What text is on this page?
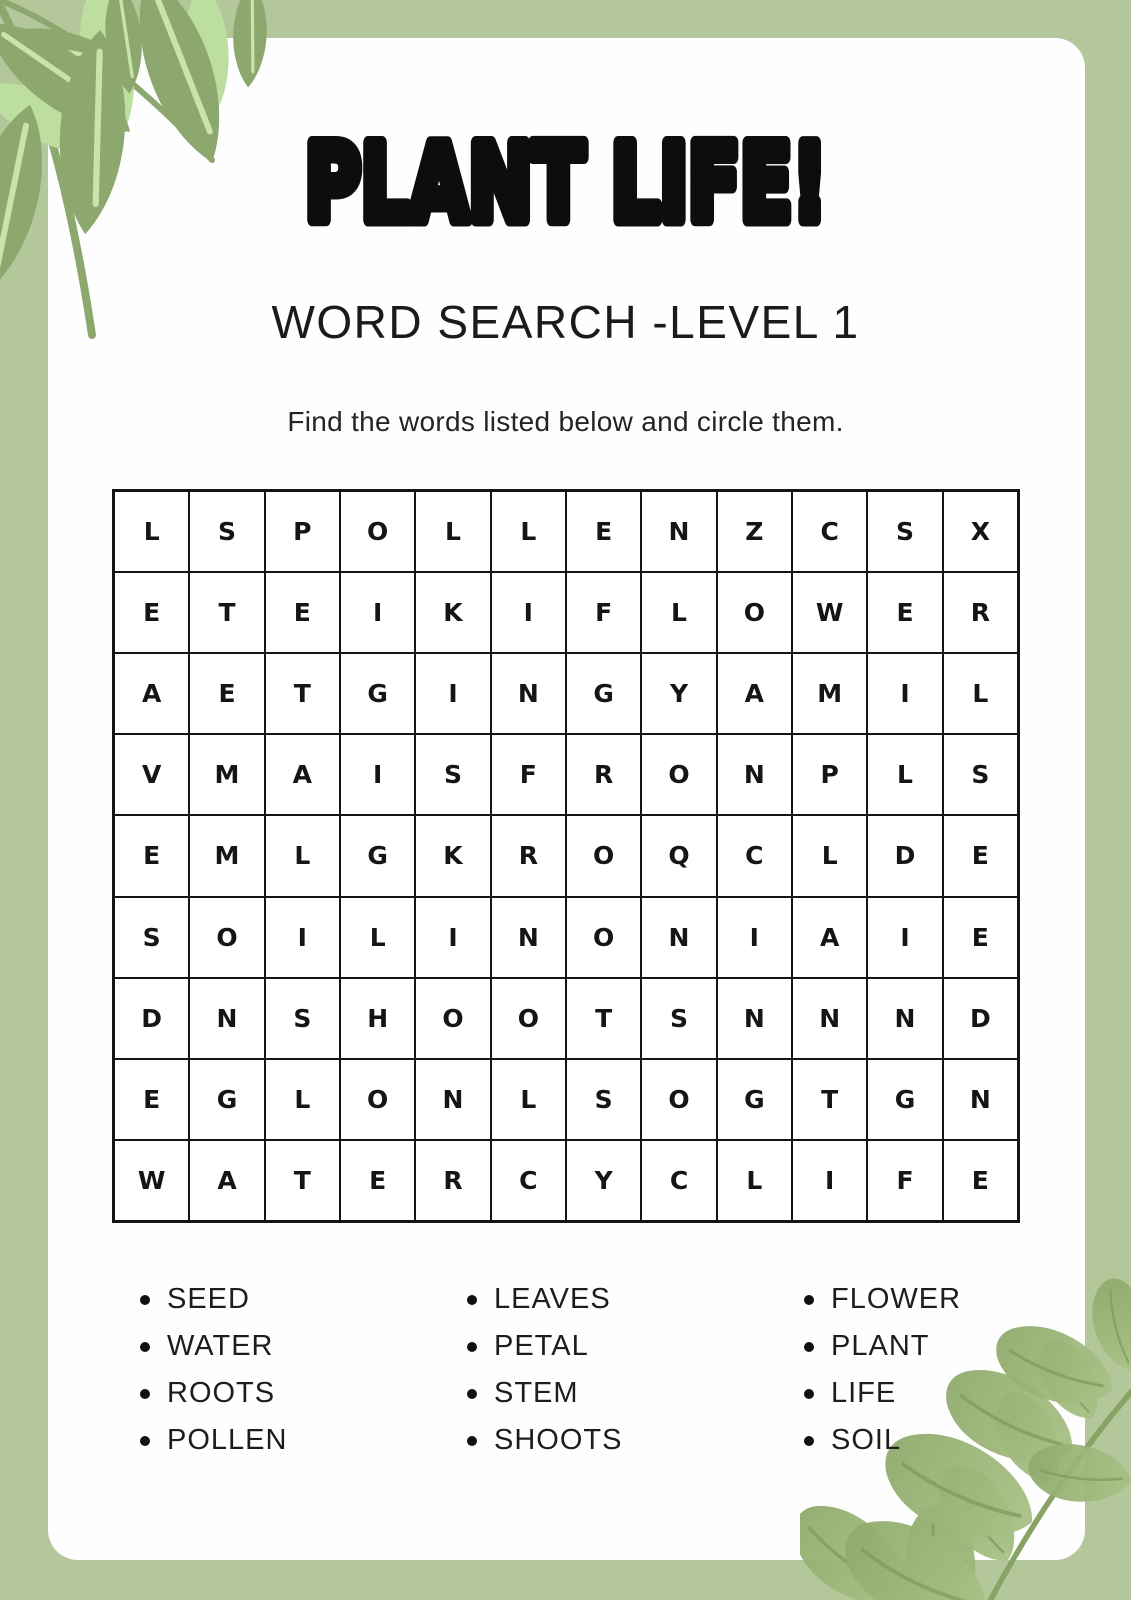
PLANT LIFE!
WORD SEARCH -LEVEL 1
Find the words listed below and circle them.
L	S	P	O	L	L	E	N	Z	C	S	X
E	T	E	I	K	I	F	L	O	W	E	R
A	E	T	G	I	N	G	Y	A	M	I	L
V	M	A	I	S	F	R	O	N	P	L	S
E	M	L	G	K	R	O	Q	C	L	D	E
S	O	I	L	I	N	O	N	I	A	I	E
D	N	S	H	O	O	T	S	N	N	N	D
E	G	L	O	N	L	S	O	G	T	G	N
W	A	T	E	R	C	Y	C	L	I	F	E
SEED
WATER
ROOTS
POLLEN
LEAVES
PETAL
STEM
SHOOTS
FLOWER
PLANT
LIFE
SOIL
